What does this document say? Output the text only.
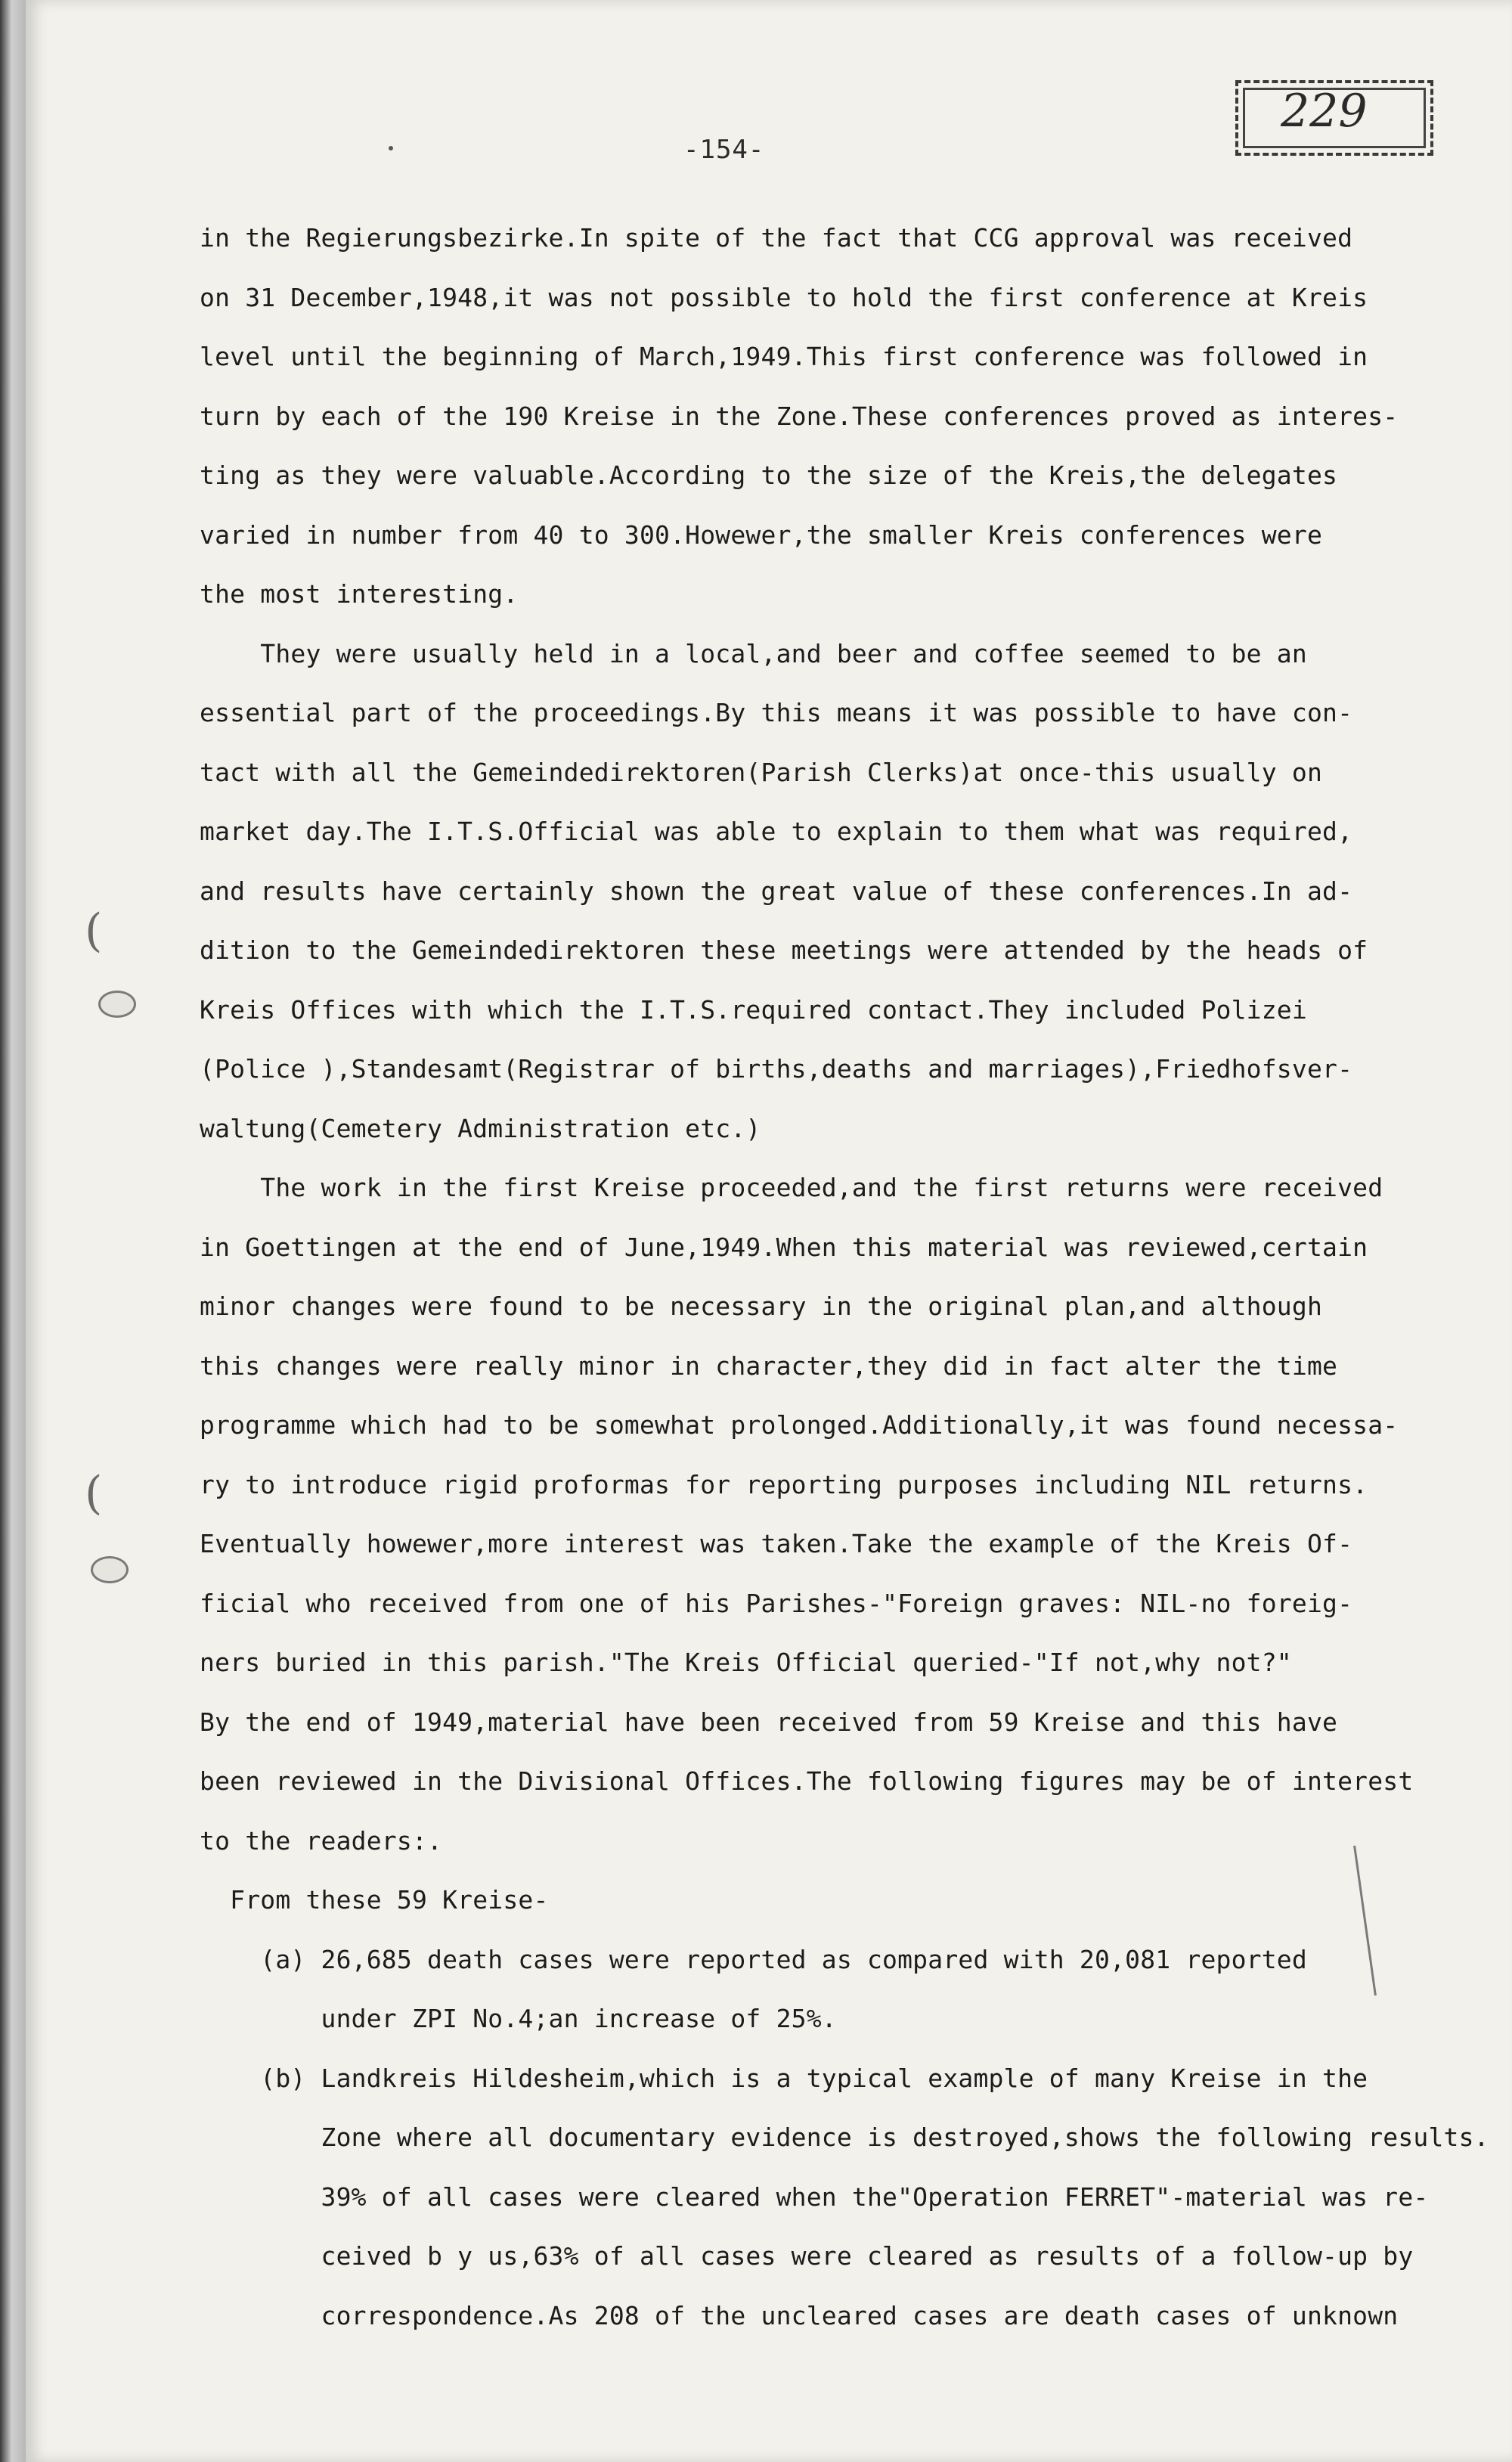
-154-
229
(
(
in the Regierungsbezirke.In spite of the fact that CCG approval was received
on 31 December,1948,it was not possible to hold the first conference at Kreis
level until the beginning of March,1949.This first conference was followed in
turn by each of the 190 Kreise in the Zone.These conferences proved as interes-
ting as they were valuable.According to the size of the Kreis,the delegates
varied in number from 40 to 300.Howewer,the smaller Kreis conferences were
the most interesting.
They were usually held in a local,and beer and coffee seemed to be an
essential part of the proceedings.By this means it was possible to have con-
tact with all the Gemeindedirektoren(Parish Clerks)at once-this usually on
market day.The I.T.S.Official was able to explain to them what was required,
and results have certainly shown the great value of these conferences.In ad-
dition to the Gemeindedirektoren these meetings were attended by the heads of
Kreis Offices with which the I.T.S.required contact.They included Polizei
(Police ),Standesamt(Registrar of births,deaths and marriages),Friedhofsver-
waltung(Cemetery Administration etc.)
The work in the first Kreise proceeded,and the first returns were received
in Goettingen at the end of June,1949.When this material was reviewed,certain
minor changes were found to be necessary in the original plan,and although
this changes were really minor in character,they did in fact alter the time
programme which had to be somewhat prolonged.Additionally,it was found necessa-
ry to introduce rigid proformas for reporting purposes including NIL returns.
Eventually howewer,more interest was taken.Take the example of the Kreis Of-
ficial who received from one of his Parishes-"Foreign graves: NIL-no foreig-
ners buried in this parish."The Kreis Official queried-"If not,why not?"
By the end of 1949,material have been received from 59 Kreise and this have
been reviewed in the Divisional Offices.The following figures may be of interest
to the readers:.
From these 59 Kreise-
(a) 26,685 death cases were reported as compared with 20,081 reported
under ZPI No.4;an increase of 25%.
(b) Landkreis Hildesheim,which is a typical example of many Kreise in the
Zone where all documentary evidence is destroyed,shows the following results.
39% of all cases were cleared when the"Operation FERRET"-material was re-
ceived b y us,63% of all cases were cleared as results of a follow-up by
correspondence.As 208 of the uncleared cases are death cases of unknown
